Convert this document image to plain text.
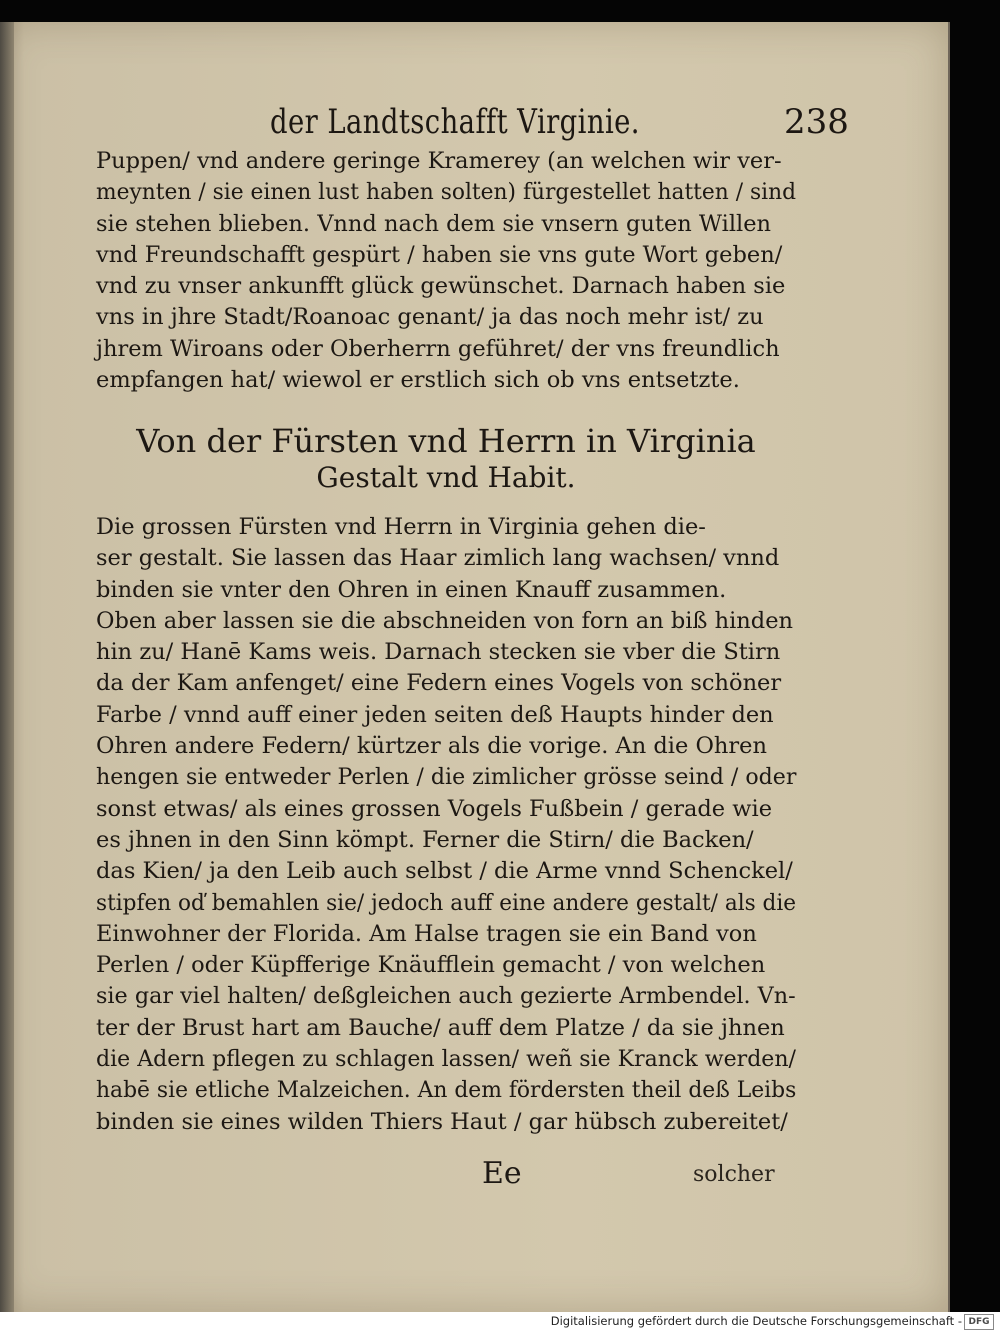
der Landtschafft Virginie.	238
Puppen/ vnd andere geringe Kramerey (an welchen wir ver-
meynten / sie einen lust haben solten) fürgestellet hatten / sind
sie stehen blieben. Vnnd nach dem sie vnsern guten Willen
vnd Freundschafft gespürt / haben sie vns gute Wort geben/
vnd zu vnser ankunfft glück gewünschet. Darnach haben sie
vns in jhre Stadt/Roanoac genant/ ja das noch mehr ist/ zu
jhrem Wiroans oder Oberherrn geführet/ der vns freundlich
empfangen hat/ wiewol er erstlich sich ob vns entsetzte.
Von der Fürsten vnd Herrn in Virginia
Gestalt vnd Habit.
Die grossen Fürsten vnd Herrn in Virginia gehen die-
ser gestalt. Sie lassen das Haar zimlich lang wachsen/ vnnd
binden sie vnter den Ohren in einen Knauff zusammen.
Oben aber lassen sie die abschneiden von forn an biß hinden
hin zu/ Hanē Kams weis. Darnach stecken sie vber die Stirn
da der Kam anfenget/ eine Federn eines Vogels von schöner
Farbe / vnnd auff einer jeden seiten deß Haupts hinder den
Ohren andere Federn/ kürtzer als die vorige. An die Ohren
hengen sie entweder Perlen / die zimlicher grösse seind / oder
sonst etwas/ als eines grossen Vogels Fußbein / gerade wie
es jhnen in den Sinn kömpt. Ferner die Stirn/ die Backen/
das Kien/ ja den Leib auch selbst / die Arme vnnd Schenckel/
stipfen oď bemahlen sie/ jedoch auff eine andere gestalt/ als die
Einwohner der Florida. Am Halse tragen sie ein Band von
Perlen / oder Küpfferige Knäufflein gemacht / von welchen
sie gar viel halten/ deßgleichen auch gezierte Armbendel. Vn-
ter der Brust hart am Bauche/ auff dem Platze / da sie jhnen
die Adern pflegen zu schlagen lassen/ weñ sie Kranck werden/
habē sie etliche Malzeichen. An dem fördersten theil deß Leibs
binden sie eines wilden Thiers Haut / gar hübsch zubereitet/
Ee	solcher
Digitalisierung gefördert durch die Deutsche Forschungsgemeinschaft - DFG
